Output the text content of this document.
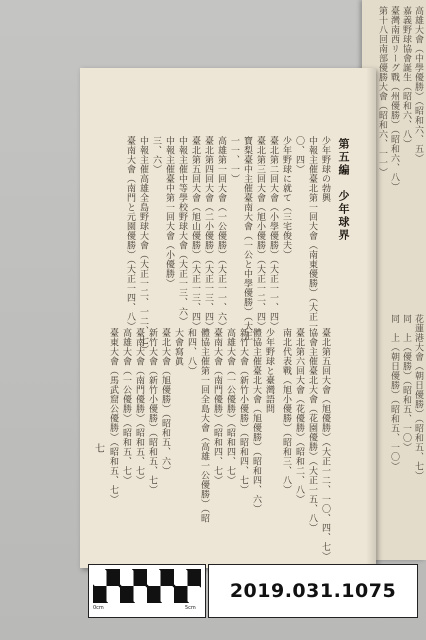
高雄大會（中學優勝）（昭和六、五）
嘉義野球協會誕生（昭和六、八）
臺灣南西リーグ戰（州優勝）（昭和六、八）
第十八回南部優勝大會（昭和六、一一）
花蓮港大會（朝日優勝）（昭和五、七）
同　上（優勝）（昭和五、一〇）
同　上（朝日優勝）（昭和五、一〇）
第五編　少年球界
少年野球の勃興
中報主催臺北第一回大會（南東優勝）（大正一
〇、四）
少年野球に就て（三宅俊夫）
臺北第二回大會（小學優勝）（大正一一、四）
臺北第三回大會（旭小優勝）（大正一二、四）
寶梨臺中主催臺南大會（一公と中學優勝）（大正
一一、一）
高雄第一回大會（一公優勝）（大正一一、六）
臺北第四回大會（二小優勝）（大正一三、四）
臺北第五回大會（旭山優勝）（大正一三、四）
中報主催中等學校野球大會（大正一三、六）
中報主催臺中第一回大會（小優勝）
三、六）
中報主催高雄全島野球大會（大正一二、一二、七）
臺南大會（南門と元園優勝）（大正一四、八）
臺北第五回大會（旭優勝）（大正一二、一〇、四、七）
協會主催臺北大會（花園優勝）（大正一五、八）
臺北第六回大會（花優勝）（昭和二、八）
南北代表戰（旭小優勝）（昭和三、八）
少年野球と臺灣語問
體協主催臺北大會（旭優勝）（昭和四、六）
新竹大會（新竹小優勝）（昭和四、七）
高雄大會（一公優勝）（昭和四、七）
臺南大會（南門優勝）（昭和四、七）
體協主催第一回全島大會（高雄一公優勝）（昭
和四、八）
大會寫眞
臺北大會（旭優勝）（昭和五、六）
新竹大會（新竹小優勝）（昭和五、七）
臺南大會（南門優勝）（昭和五、七）
高雄大會（一公優勝）（昭和五、七）
臺東大會（馬武窟公優勝）（昭和五、七）
七
0cm	5cm
2019.031.1075
